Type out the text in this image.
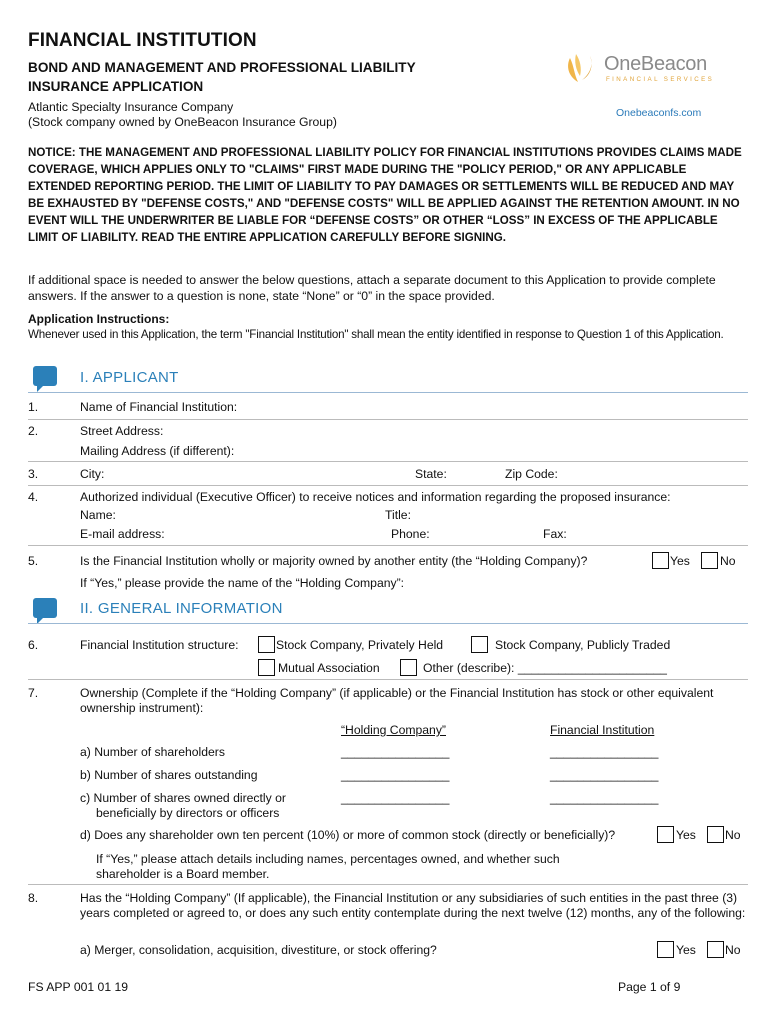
FINANCIAL INSTITUTION
BOND AND MANAGEMENT AND PROFESSIONAL LIABILITY
INSURANCE APPLICATION
Atlantic Specialty Insurance Company
(Stock company owned by OneBeacon Insurance Group)
OneBeacon
FINANCIAL SERVICES
Onebeaconfs.com
NOTICE: THE MANAGEMENT AND PROFESSIONAL LIABILITY POLICY FOR FINANCIAL INSTITUTIONS PROVIDES CLAIMS MADE COVERAGE, WHICH APPLIES ONLY TO "CLAIMS" FIRST MADE DURING THE "POLICY PERIOD," OR ANY APPLICABLE EXTENDED REPORTING PERIOD. THE LIMIT OF LIABILITY TO PAY DAMAGES OR SETTLEMENTS WILL BE REDUCED AND MAY BE EXHAUSTED BY "DEFENSE COSTS," AND "DEFENSE COSTS" WILL BE APPLIED AGAINST THE RETENTION AMOUNT. IN NO EVENT WILL THE UNDERWRITER BE LIABLE FOR “DEFENSE COSTS” OR OTHER “LOSS” IN EXCESS OF THE APPLICABLE LIMIT OF LIABILITY. READ THE ENTIRE APPLICATION CAREFULLY BEFORE SIGNING.
If additional space is needed to answer the below questions, attach a separate document to this Application to provide complete answers. If the answer to a question is none, state “None” or “0” in the space provided.
Application Instructions:
Whenever used in this Application, the term "Financial Institution" shall mean the entity identified in response to Question 1 of this Application.
I. APPLICANT
1.	Name of Financial Institution:
2.	Street Address:
Mailing Address (if different):
3.	City:	State:	Zip Code:
4.	Authorized individual (Executive Officer) to receive notices and information regarding the proposed insurance:
Name:	Title:
E-mail address:	Phone:	Fax:
5.	Is the Financial Institution wholly or majority owned by another entity (the “Holding Company)?	Yes No
If “Yes,” please provide the name of the “Holding Company”:
II. GENERAL INFORMATION
6.	Financial Institution structure:	Stock Company, Privately Held	Stock Company, Publicly Traded
Mutual Association	Other (describe): ______________________
7.	Ownership (Complete if the “Holding Company” (if applicable) or the Financial Institution has stock or other equivalent ownership instrument):
“Holding Company”	Financial Institution
a) Number of shareholders	________________	________________
b) Number of shares outstanding	________________	________________
c) Number of shares owned directly or
beneficially by directors or officers
________________	________________
d) Does any shareholder own ten percent (10%) or more of common stock (directly or beneficially)?	Yes No
If “Yes,” please attach details including names, percentages owned, and whether such shareholder is a Board member.
8.	Has the “Holding Company” (If applicable), the Financial Institution or any subsidiaries of such entities in the past three (3) years completed or agreed to, or does any such entity contemplate during the next twelve (12) months, any of the following:
a) Merger, consolidation, acquisition, divestiture, or stock offering?	Yes No
FS APP 001 01 19	Page 1 of 9
